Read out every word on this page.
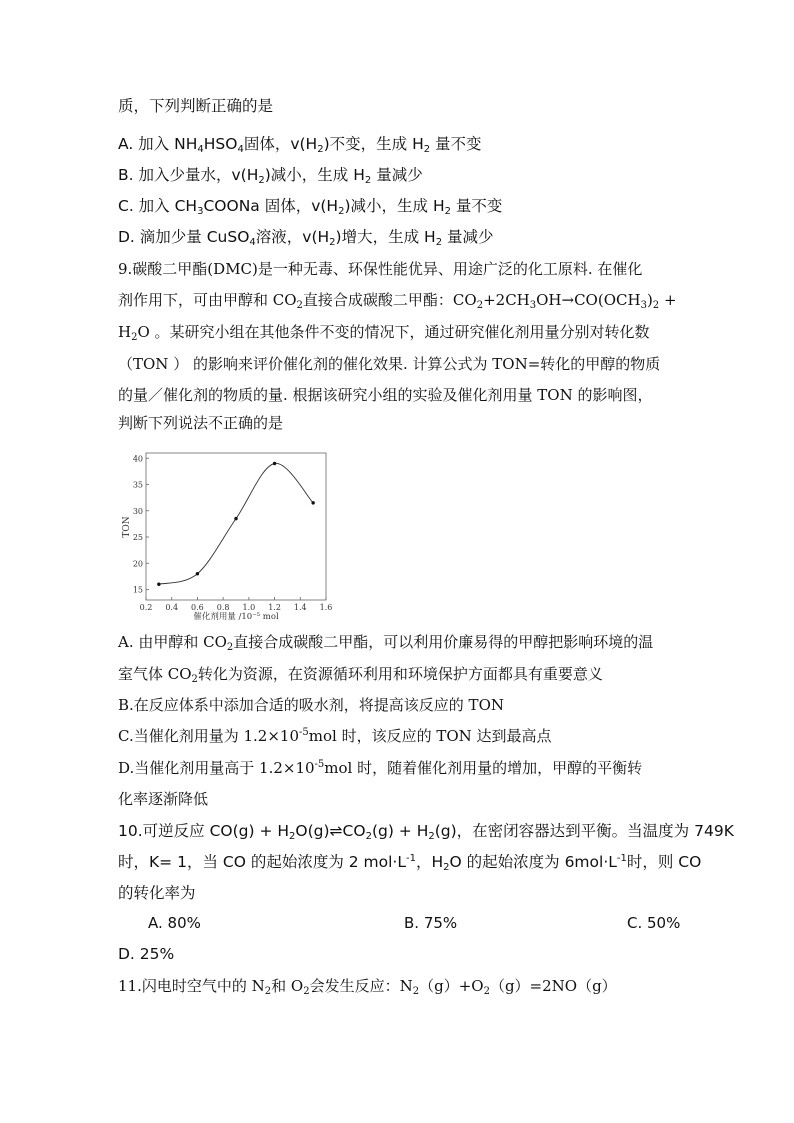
质，下列判断正确的是
A. 加入 $NH_4HSO_4$固体，$v(H_2)$不变，生成 $H_2$ 量不变
B. 加入少量水，$v(H_2)$减小，生成 $H_2$ 量减少
C. 加入 $CH_3COONa$ 固体，$v(H_2)$减小，生成 $H_2$ 量不变
D. 滴加少量 CuSO$_4$溶液，$v(H_2)$增大，生成 $H_2$ 量减少
9.碳酸二甲酯(DMC)是一种无毒、环保性能优异、用途广泛的化工原料. 在催化
剂作用下，可由甲醇和 $CO_2$直接合成碳酸二甲酯：$CO_2+2CH_3OH\to CO(OCH_3)_2$ +
$H_2O$ 。某研究小组在其他条件不变的情况下，通过研究催化剂用量分别对转化数
（TON ） 的影响来评价催化剂的催化效果. 计算公式为 TON=转化的甲醇的物质
的量／催化剂的物质的量. 根据该研究小组的实验及催化剂用量 TON 的影响图，
判断下列说法不正确的是
0.2 0.4 0.6 0.8 1.0 1.2 1.4 1.6
15
20
25
30
35
40
TON
催化剂用量 /10⁻⁵ mol
A. 由甲醇和 $CO_2$直接合成碳酸二甲酯，可以利用价廉易得的甲醇把影响环境的温
室气体 $CO_2$转化为资源，在资源循环利用和环境保护方面都具有重要意义
B.在反应体系中添加合适的吸水剂，将提高该反应的 TON
C.当催化剂用量为 $1.2\times 10^{-5}mol$ 时，该反应的 TON 达到最高点
D.当催化剂用量高于 $1.2\times 10^{-5}mol$ 时，随着催化剂用量的增加，甲醇的平衡转
化率逐渐降低
10.可逆反应 $CO(g) + H_2O(g)\rightleftharpoons CO_2(g) + H_2(g)$，在密闭容器达到平衡。当温度为 749K
时，K= 1，当 CO 的起始浓度为 2 $mol\cdot L^{-1}$，$H_2O$ 的起始浓度为 $6mol\cdot L^{-1}$时，则 CO
的转化率为
A. 80%	B. 75%	C. 50%
D. 25%
11.闪电时空气中的 $N_2$和 $O_2$会发生反应：$N_2(g)+O_2(g)=2NO(g)$
